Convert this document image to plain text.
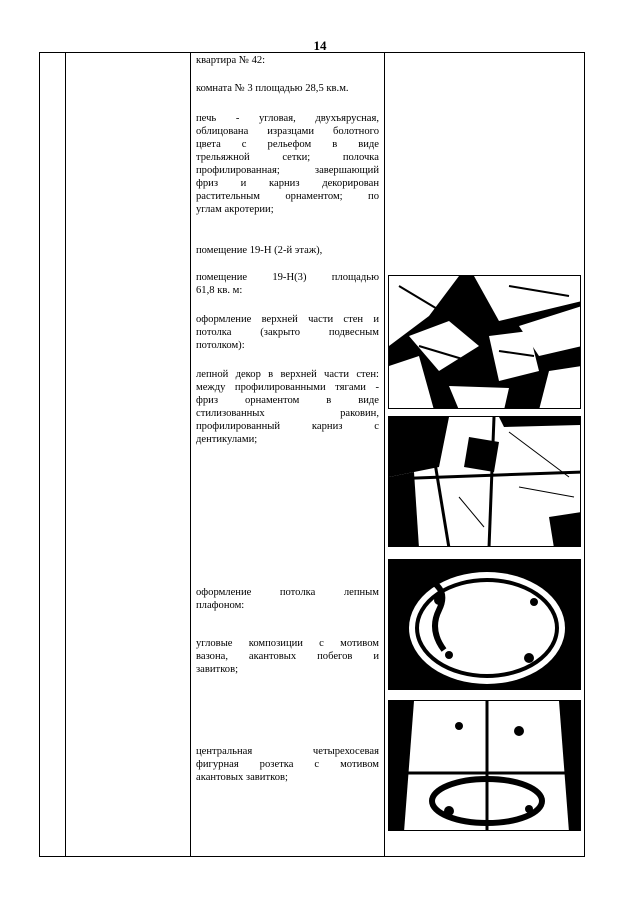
14
квартира № 42:
комната № 3 площадью 28,5 кв.м.
печь - угловая, двухъярусная,
облицована изразцами болотного
цвета с рельефом в виде
трельяжной сетки; полочка
профилированная; завершающий
фриз и карниз декорирован
растительным орнаментом; по
углам акротерии;
помещение 19-Н (2-й этаж),
помещение 19-Н(3) площадью
61,8 кв. м:
оформление верхней части стен и
потолка (закрыто подвесным
потолком):
лепной декор в верхней части стен:
между профилированными тягами -
фриз орнаментом в виде
стилизованных раковин,
профилированный карниз с
дентикулами;
оформление потолка лепным
плафоном:
угловые композиции с мотивом
вазона, акантовых побегов и
завитков;
центральная четырехосевая
фигурная розетка с мотивом
акантовых завитков;
